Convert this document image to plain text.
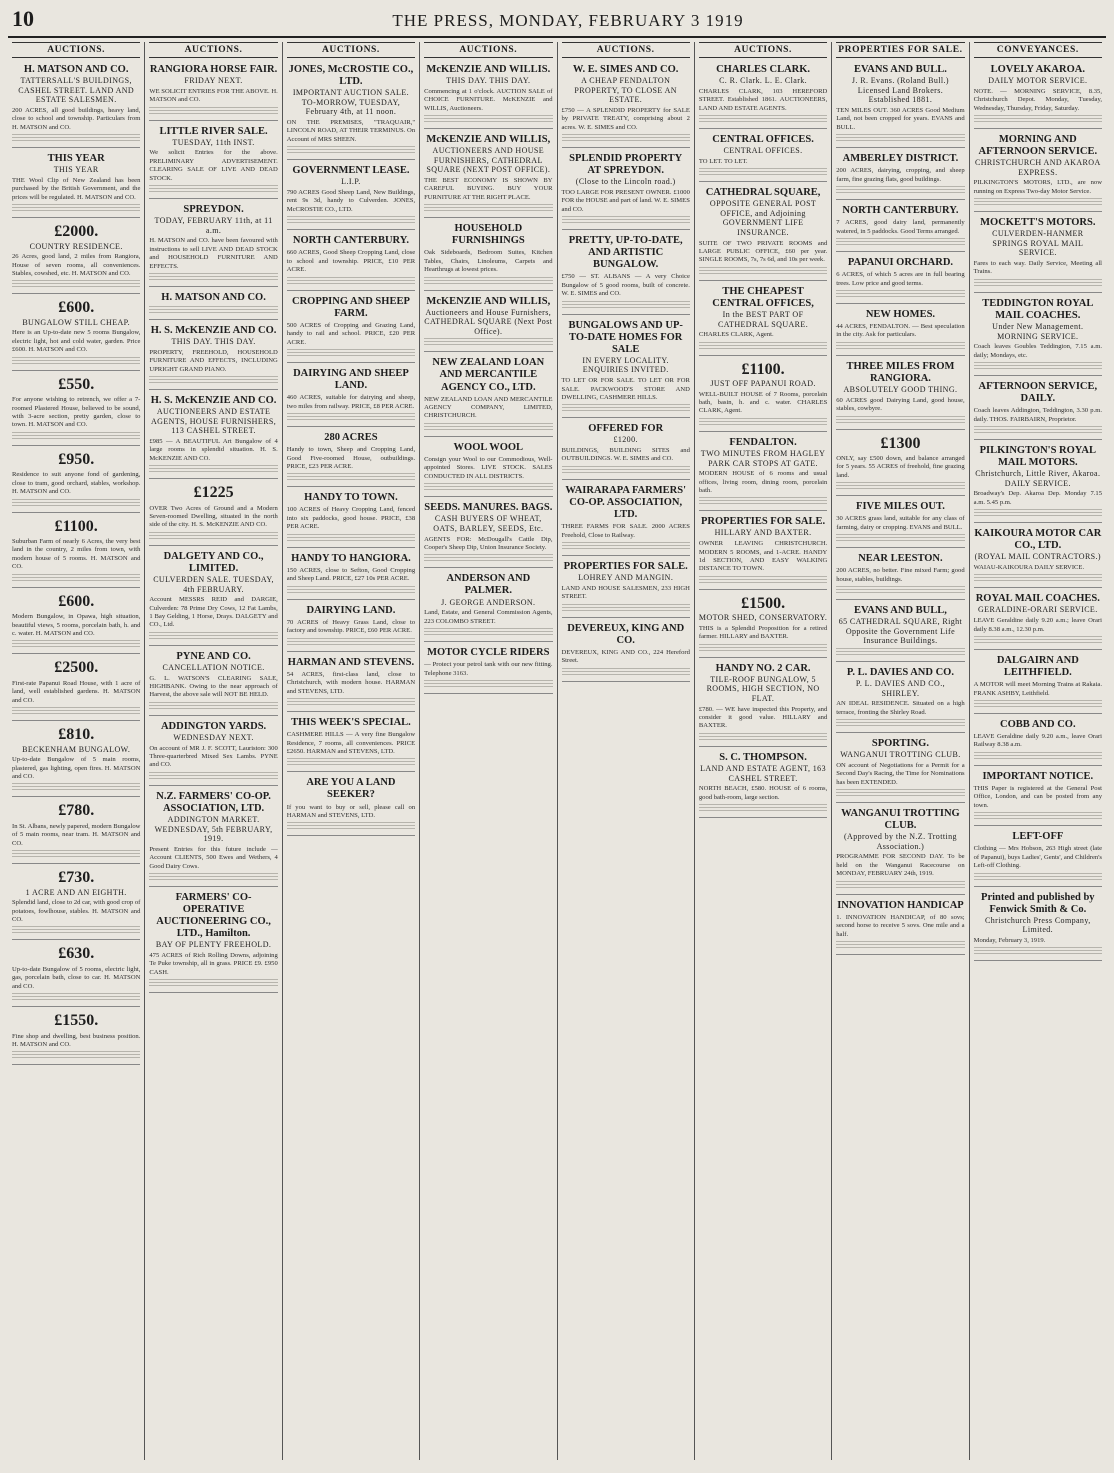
10	THE PRESS, MONDAY, FEBRUARY 3 1919
AUCTIONS.
H. MATSON AND CO.
TATTERSALL'S BUILDINGS, CASHEL STREET. LAND AND ESTATE SALESMEN.
200 ACRES, all good buildings, heavy land, close to school and township. Particulars from H. MATSON and CO.
THIS YEAR
THIS YEAR
THE Wool Clip of New Zealand has been purchased by the British Government, and the prices will be regulated. H. MATSON and CO.
£2000.
COUNTRY RESIDENCE.
26 Acres, good land, 2 miles from Rangiora, House of seven rooms, all conveniences. Stables, cowshed, etc. H. MATSON and CO.
£600.
BUNGALOW STILL CHEAP.
Here is an Up-to-date new 5 rooms Bungalow, electric light, hot and cold water, garden. Price £600. H. MATSON and CO.
£550.
For anyone wishing to retrench, we offer a 7-roomed Plastered House, believed to be sound, with 3-acre section, pretty garden, close to town. H. MATSON and CO.
£950.
Residence to suit anyone fond of gardening, close to tram, good orchard, stables, workshop. H. MATSON and CO.
£1100.
Suburban Farm of nearly 6 Acres, the very best land in the country, 2 miles from town, with modern house of 5 rooms. H. MATSON and CO.
£600.
Modern Bungalow, in Opawa, high situation, beautiful views, 5 rooms, porcelain bath, h. and c. water. H. MATSON and CO.
£2500.
First-rate Papanui Road House, with 1 acre of land, well established gardens. H. MATSON and CO.
£810.
BECKENHAM BUNGALOW.
Up-to-date Bungalow of 5 main rooms, plastered, gas lighting, open fires. H. MATSON and CO.
£780.
In St. Albans, newly papered, modern Bungalow of 5 main rooms, near tram. H. MATSON and CO.
£730.
1 ACRE AND AN EIGHTH.
Splendid land, close to 2d car, with good crop of potatoes, fowlhouse, stables. H. MATSON and CO.
£630.
Up-to-date Bungalow of 5 rooms, electric light, gas, porcelain bath, close to car. H. MATSON and CO.
£1550.
Fine shop and dwelling, best business position. H. MATSON and CO.
AUCTIONS.
RANGIORA HORSE FAIR.
FRIDAY NEXT.
WE SOLICIT ENTRIES FOR THE ABOVE. H. MATSON and CO.
LITTLE RIVER SALE.
TUESDAY, 11th INST.
We solicit Entries for the above. PRELIMINARY ADVERTISEMENT. CLEARING SALE OF LIVE AND DEAD STOCK.
SPREYDON.
TODAY, FEBRUARY 11th, at 11 a.m.
H. MATSON and CO. have been favoured with instructions to sell LIVE AND DEAD STOCK and HOUSEHOLD FURNITURE AND EFFECTS.
H. MATSON AND CO.
H. S. McKENZIE AND CO.
THIS DAY. THIS DAY.
PROPERTY, FREEHOLD, HOUSEHOLD FURNITURE AND EFFECTS, INCLUDING UPRIGHT GRAND PIANO.
H. S. McKENZIE AND CO.
AUCTIONEERS AND ESTATE AGENTS, HOUSE FURNISHERS, 113 CASHEL STREET.
£985 — A BEAUTIFUL Art Bungalow of 4 large rooms in splendid situation. H. S. McKENZIE AND CO.
£1225
OVER Two Acres of Ground and a Modern Seven-roomed Dwelling, situated in the north side of the city. H. S. McKENZIE AND CO.
DALGETY AND CO., LIMITED.
CULVERDEN SALE. TUESDAY, 4th FEBRUARY.
Account MESSRS REID and DARGIE, Culverden: 78 Prime Dry Cows, 12 Fat Lambs, 1 Bay Gelding, 1 Horse, Drays. DALGETY and CO., Ltd.
PYNE AND CO.
CANCELLATION NOTICE.
G. L. WATSON'S CLEARING SALE, HIGHBANK. Owing to the near approach of Harvest, the above sale will NOT BE HELD.
ADDINGTON YARDS.
WEDNESDAY NEXT.
On account of MR J. F. SCOTT, Lauriston: 300 Three-quarterbred Mixed Sex Lambs. PYNE and CO.
N.Z. FARMERS' CO-OP. ASSOCIATION, LTD.
ADDINGTON MARKET. WEDNESDAY, 5th FEBRUARY, 1919.
Present Entries for this future include — Account CLIENTS, 500 Ewes and Wethers, 4 Good Dairy Cows.
FARMERS' CO-OPERATIVE AUCTIONEERING CO., LTD., Hamilton.
BAY OF PLENTY FREEHOLD.
475 ACRES of Rich Rolling Downs, adjoining Te Puke township, all in grass. PRICE £9. £950 CASH.
AUCTIONS.
JONES, McCROSTIE CO., LTD.
IMPORTANT AUCTION SALE. TO-MORROW, TUESDAY, February 4th, at 11 noon.
ON THE PREMISES, "TRAQUAIR," LINCOLN ROAD, AT THEIR TERMINUS. On Account of MRS SHEEN.
GOVERNMENT LEASE.
L.I.P.
790 ACRES Good Sheep Land, New Buildings, rent 9s 3d, handy to Culverden. JONES, McCROSTIE CO., LTD.
NORTH CANTERBURY.
660 ACRES, Good Sheep Cropping Land, close to school and township. PRICE, £10 PER ACRE.
CROPPING AND SHEEP FARM.
500 ACRES of Cropping and Grazing Land, handy to rail and school. PRICE, £20 PER ACRE.
DAIRYING AND SHEEP LAND.
460 ACRES, suitable for dairying and sheep, two miles from railway. PRICE, £8 PER ACRE.
280 ACRES
Handy to town, Sheep and Cropping Land, Good Five-roomed House, outbuildings. PRICE, £23 PER ACRE.
HANDY TO TOWN.
100 ACRES of Heavy Cropping Land, fenced into six paddocks, good house. PRICE, £38 PER ACRE.
HANDY TO HANGIORA.
150 ACRES, close to Sefton, Good Cropping and Sheep Land. PRICE, £27 10s PER ACRE.
DAIRYING LAND.
70 ACRES of Heavy Grass Land, close to factory and township. PRICE, £60 PER ACRE.
HARMAN AND STEVENS.
54 ACRES, first-class land, close to Christchurch, with modern house. HARMAN and STEVENS, LTD.
THIS WEEK'S SPECIAL.
CASHMERE HILLS — A very fine Bungalow Residence, 7 rooms, all conveniences. PRICE £2650. HARMAN and STEVENS, LTD.
ARE YOU A LAND SEEKER?
If you want to buy or sell, please call on HARMAN and STEVENS, LTD.
AUCTIONS.
McKENZIE AND WILLIS.
THIS DAY. THIS DAY.
Commencing at 1 o'clock. AUCTION SALE of CHOICE FURNITURE. McKENZIE and WILLIS, Auctioneers.
McKENZIE AND WILLIS,
AUCTIONEERS AND HOUSE FURNISHERS, CATHEDRAL SQUARE (NEXT POST OFFICE).
THE BEST ECONOMY IS SHOWN BY CAREFUL BUYING. BUY YOUR FURNITURE AT THE RIGHT PLACE.
HOUSEHOLD FURNISHINGS
Oak Sideboards, Bedroom Suites, Kitchen Tables, Chairs, Linoleums, Carpets and Hearthrugs at lowest prices.
McKENZIE AND WILLIS,
Auctioneers and House Furnishers, CATHEDRAL SQUARE (Next Post Office).
NEW ZEALAND LOAN AND MERCANTILE AGENCY CO., LTD.
NEW ZEALAND LOAN AND MERCANTILE AGENCY COMPANY, LIMITED, CHRISTCHURCH.
WOOL WOOL
Consign your Wool to our Commodious, Well-appointed Stores. LIVE STOCK. SALES CONDUCTED IN ALL DISTRICTS.
SEEDS. MANURES. BAGS.
CASH BUYERS OF WHEAT, OATS, BARLEY, SEEDS, Etc.
AGENTS FOR: McDougall's Cattle Dip, Cooper's Sheep Dip, Union Insurance Society.
ANDERSON AND PALMER.
J. GEORGE ANDERSON.
Land, Estate, and General Commission Agents, 223 COLOMBO STREET.
MOTOR CYCLE RIDERS
— Protect your petrol tank with our new fitting. Telephone 3163.
AUCTIONS.
W. E. SIMES AND CO.
A CHEAP FENDALTON PROPERTY, TO CLOSE AN ESTATE.
£750 — A SPLENDID PROPERTY for SALE by PRIVATE TREATY, comprising about 2 acres. W. E. SIMES and CO.
SPLENDID PROPERTY AT SPREYDON.
(Close to the Lincoln road.)
TOO LARGE FOR PRESENT OWNER. £1000 FOR the HOUSE and part of land. W. E. SIMES and CO.
PRETTY, UP-TO-DATE, AND ARTISTIC BUNGALOW.
£750 — ST. ALBANS — A very Choice Bungalow of 5 good rooms, built of concrete. W. E. SIMES and CO.
BUNGALOWS AND UP-TO-DATE HOMES FOR SALE
IN EVERY LOCALITY. ENQUIRIES INVITED.
TO LET OR FOR SALE. TO LET OR FOR SALE. PACKWOOD'S STORE AND DWELLING, CASHMERE HILLS.
OFFERED FOR
£1200.
BUILDINGS, BUILDING SITES and OUTBUILDINGS. W. E. SIMES and CO.
WAIRARAPA FARMERS' CO-OP. ASSOCIATION, LTD.
THREE FARMS FOR SALE. 2000 ACRES Freehold, Close to Railway.
PROPERTIES FOR SALE.
LOHREY AND MANGIN.
LAND AND HOUSE SALESMEN, 233 HIGH STREET.
DEVEREUX, KING AND CO.
DEVEREUX, KING AND CO., 224 Hereford Street.
AUCTIONS.
CHARLES CLARK.
C. R. Clark. L. E. Clark.
CHARLES CLARK, 103 HEREFORD STREET. Established 1861. AUCTIONEERS, LAND AND ESTATE AGENTS.
CENTRAL OFFICES.
CENTRAL OFFICES.
TO LET. TO LET.
CATHEDRAL SQUARE,
OPPOSITE GENERAL POST OFFICE, and Adjoining GOVERNMENT LIFE INSURANCE.
SUITE OF TWO PRIVATE ROOMS and LARGE PUBLIC OFFICE, £60 per year. SINGLE ROOMS, 7s, 7s 6d, and 10s per week.
THE CHEAPEST CENTRAL OFFICES,
In the BEST PART OF CATHEDRAL SQUARE.
CHARLES CLARK, Agent.
£1100.
JUST OFF PAPANUI ROAD.
WELL-BUILT HOUSE of 7 Rooms, porcelain bath, basin, h. and c. water. CHARLES CLARK, Agent.
FENDALTON.
TWO MINUTES FROM HAGLEY PARK CAR STOPS AT GATE.
MODERN HOUSE of 6 rooms and usual offices, living room, dining room, porcelain bath.
PROPERTIES FOR SALE.
HILLARY AND BAXTER.
OWNER LEAVING CHRISTCHURCH. MODERN 5 ROOMS, and 1-ACRE. HANDY 1d SECTION, AND EASY WALKING DISTANCE TO TOWN.
£1500.
MOTOR SHED, CONSERVATORY.
THIS is a Splendid Proposition for a retired farmer. HILLARY and BAXTER.
HANDY NO. 2 CAR.
TILE-ROOF BUNGALOW, 5 ROOMS, HIGH SECTION, NO FLAT.
£780. — WE have inspected this Property, and consider it good value. HILLARY and BAXTER.
S. C. THOMPSON.
LAND AND ESTATE AGENT, 163 CASHEL STREET.
NORTH BEACH, £580. HOUSE of 6 rooms, good bath-room, large section.
PROPERTIES FOR SALE.
EVANS AND BULL.
J. R. Evans. (Roland Bull.) Licensed Land Brokers. Established 1881.
TEN MILES OUT. 360 ACRES Good Medium Land, not been cropped for years. EVANS and BULL.
AMBERLEY DISTRICT.
200 ACRES, dairying, cropping, and sheep farm, fine grazing flats, good buildings.
NORTH CANTERBURY.
7 ACRES, good dairy land, permanently watered, in 5 paddocks. Good Terms arranged.
PAPANUI ORCHARD.
6 ACRES, of which 5 acres are in full bearing trees. Low price and good terms.
NEW HOMES.
44 ACRES, FENDALTON. — Best speculation in the city. Ask for particulars.
THREE MILES FROM RANGIORA.
ABSOLUTELY GOOD THING.
60 ACRES good Dairying Land, good house, stables, cowbyre.
£1300
ONLY, say £500 down, and balance arranged for 5 years. 55 ACRES of freehold, fine grazing land.
FIVE MILES OUT.
30 ACRES grass land, suitable for any class of farming, dairy or cropping. EVANS and BULL.
NEAR LEESTON.
200 ACRES, no better. Fine mixed Farm; good house, stables, buildings.
EVANS AND BULL,
65 CATHEDRAL SQUARE, Right Opposite the Government Life Insurance Buildings.
P. L. DAVIES AND CO.
P. L. DAVIES AND CO., SHIRLEY.
AN IDEAL RESIDENCE. Situated on a high terrace, fronting the Shirley Road.
SPORTING.
WANGANUI TROTTING CLUB.
ON account of Negotiations for a Permit for a Second Day's Racing, the Time for Nominations has been EXTENDED.
WANGANUI TROTTING CLUB.
(Approved by the N.Z. Trotting Association.)
PROGRAMME FOR SECOND DAY. To be held on the Wanganui Racecourse on MONDAY, FEBRUARY 24th, 1919.
INNOVATION HANDICAP
1. INNOVATION HANDICAP, of 80 sovs; second horse to receive 5 sovs. One mile and a half.
CONVEYANCES.
LOVELY AKAROA.
DAILY MOTOR SERVICE.
NOTE. — MORNING SERVICE, 8.35, Christchurch Depot. Monday, Tuesday, Wednesday, Thursday, Friday, Saturday.
MORNING AND AFTERNOON SERVICE.
CHRISTCHURCH AND AKAROA EXPRESS.
PILKINGTON'S MOTORS, LTD., are now running on Express Two-day Motor Service.
MOCKETT'S MOTORS.
CULVERDEN-HANMER SPRINGS ROYAL MAIL SERVICE.
Fares to each way. Daily Service, Meeting all Trains.
TEDDINGTON ROYAL MAIL COACHES.
Under New Management. MORNING SERVICE.
Coach leaves Goubles Teddington, 7.15 a.m. daily; Mondays, etc.
AFTERNOON SERVICE, DAILY.
Coach leaves Addington, Teddington, 3.30 p.m. daily. THOS. FAIRBAIRN, Proprietor.
PILKINGTON'S ROYAL MAIL MOTORS.
Christchurch, Little River, Akaroa. DAILY SERVICE.
Broadway's Dep. Akaroa Dep. Monday 7.15 a.m. 5.45 p.m.
KAIKOURA MOTOR CAR CO., LTD.
(ROYAL MAIL CONTRACTORS.)
WAIAU-KAIKOURA DAILY SERVICE.
ROYAL MAIL COACHES.
GERALDINE-ORARI SERVICE.
LEAVE Geraldine daily 9.20 a.m.; leave Orari daily 8.38 a.m., 12.30 p.m.
DALGAIRN AND LEITHFIELD.
A MOTOR will meet Morning Trains at Rakaia. FRANK ASHBY, Leithfield.
COBB AND CO.
LEAVE Geraldine daily 9.20 a.m., leave Orari Railway 8.38 a.m.
IMPORTANT NOTICE.
THIS Paper is registered at the General Post Office, London, and can be posted from any town.
LEFT-OFF
Clothing — Mrs Hobson, 263 High street (late of Papanui), buys Ladies', Gents', and Children's Left-off Clothing.
Printed and published by Fenwick Smith & Co.
Christchurch Press Company, Limited.
Monday, February 3, 1919.
